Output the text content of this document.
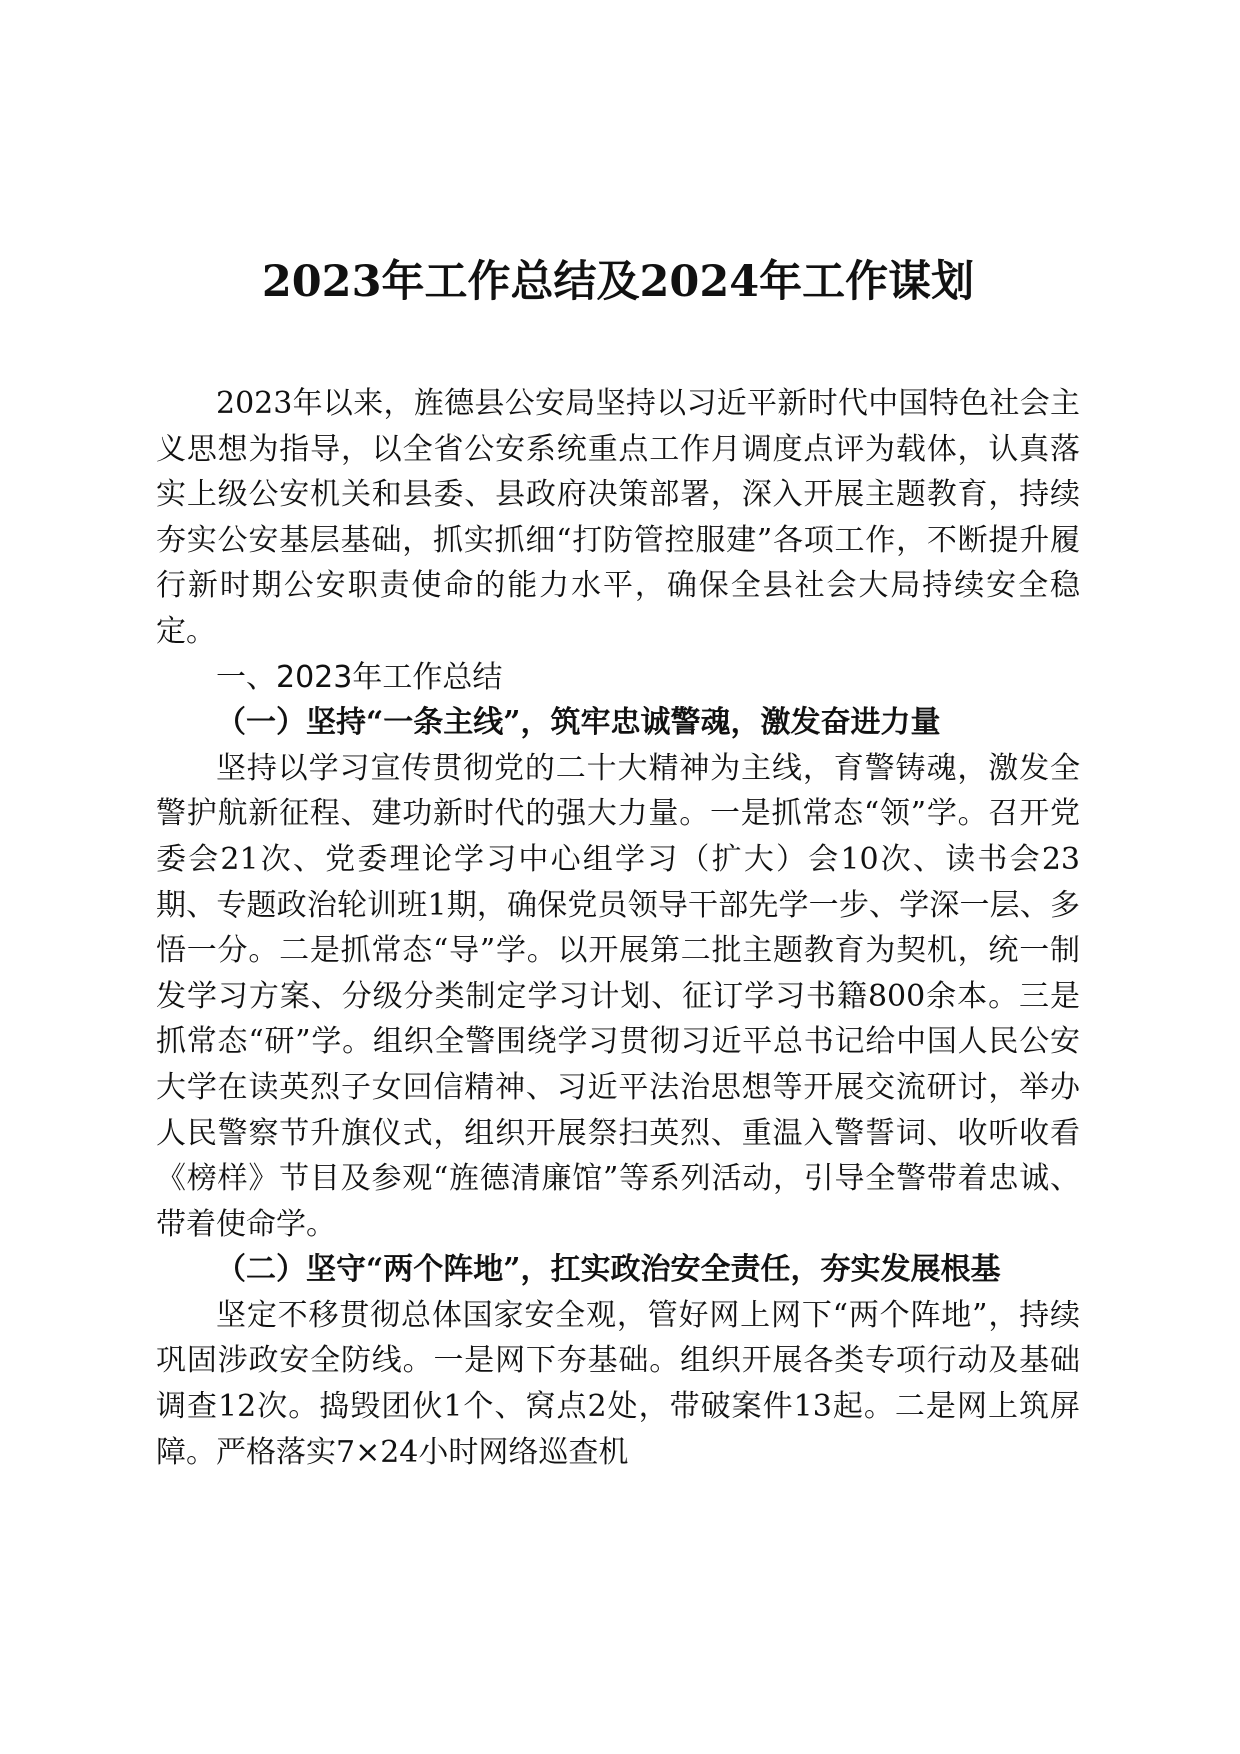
2023年工作总结及2024年工作谋划

2023年以来，旌德县公安局坚持以习近平新时代中国特色社会主义思想为指导，以全省公安系统重点工作月调度点评为载体，认真落实上级公安机关和县委、县政府决策部署，深入开展主题教育，持续夯实公安基层基础，抓实抓细“打防管控服建”各项工作，不断提升履行新时期公安职责使命的能力水平，确保全县社会大局持续安全稳定。

一、2023年工作总结

（一）坚持“一条主线”，筑牢忠诚警魂，激发奋进力量

坚持以学习宣传贯彻党的二十大精神为主线，育警铸魂，激发全警护航新征程、建功新时代的强大力量。一是抓常态“领”学。召开党委会21次、党委理论学习中心组学习（扩大）会10次、读书会23期、专题政治轮训班1期，确保党员领导干部先学一步、学深一层、多悟一分。二是抓常态“导”学。以开展第二批主题教育为契机，统一制发学习方案、分级分类制定学习计划、征订学习书籍800余本。三是抓常态“研”学。组织全警围绕学习贯彻习近平总书记给中国人民公安大学在读英烈子女回信精神、习近平法治思想等开展交流研讨，举办人民警察节升旗仪式，组织开展祭扫英烈、重温入警誓词、收听收看《榜样》节目及参观“旌德清廉馆”等系列活动，引导全警带着忠诚、带着使命学。

（二）坚守“两个阵地”，扛实政治安全责任，夯实发展根基

坚定不移贯彻总体国家安全观，管好网上网下“两个阵地”，持续巩固涉政安全防线。一是网下夯基础。组织开展各类专项行动及基础调查12次。捣毁团伙1个、窝点2处，带破案件13起。二是网上筑屏障。严格落实7×24小时网络巡查机
